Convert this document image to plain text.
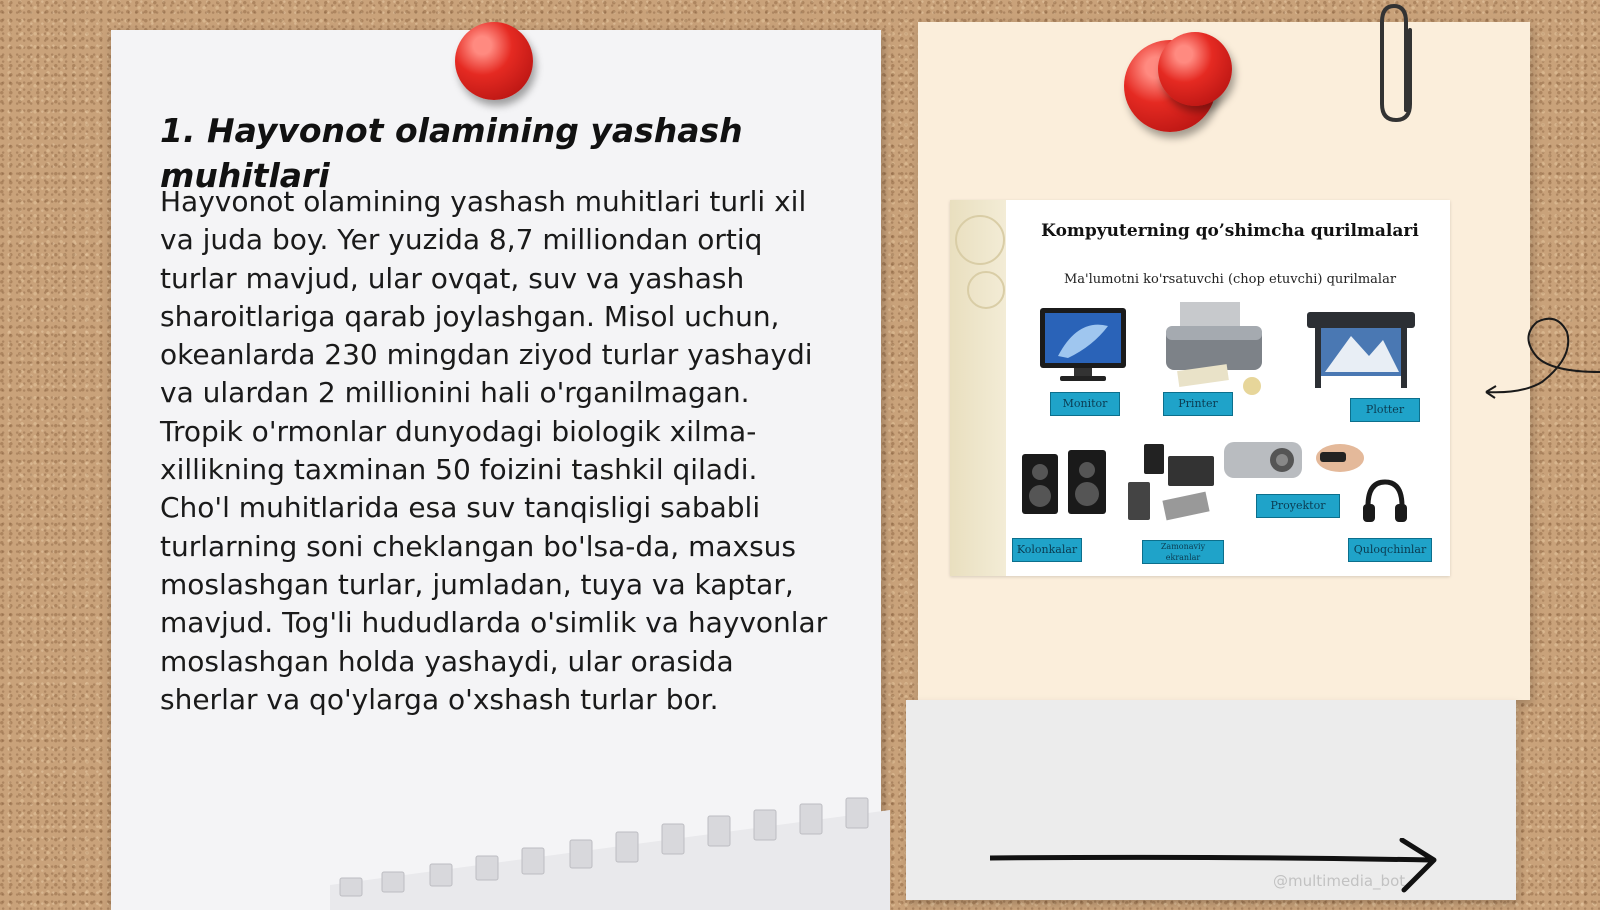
1. Hayvonot olamining yashash muhitlari

Hayvonot olamining yashash muhitlari turli xil va juda boy. Yer yuzida 8,7 milliondan ortiq turlar mavjud, ular ovqat, suv va yashash sharoitlariga qarab joylashgan. Misol uchun, okeanlarda 230 mingdan ziyod turlar yashaydi va ulardan 2 millionini hali o'rganilmagan. Tropik o'rmonlar dunyodagi biologik xilma-xillikning taxminan 50 foizini tashkil qiladi. Cho'l muhitlarida esa suv tanqisligi sababli turlarning soni cheklangan bo'lsa-da, maxsus moslashgan turlar, jumladan, tuya va kaptar, mavjud. Tog'li hududlarda o'simlik va hayvonlar moslashgan holda yashaydi, ular orasida sherlar va qo'ylarga o'xshash turlar bor.

Kompyuterning qo’shimcha qurilmalari

Ma'lumotni ko'rsatuvchi (chop etuvchi) qurilmalar

Monitor	Printer	Plotter
Kolonkalar	Zamonaviy ekranlar
Proyektor
Quloqchinlar
@multimedia_bot
